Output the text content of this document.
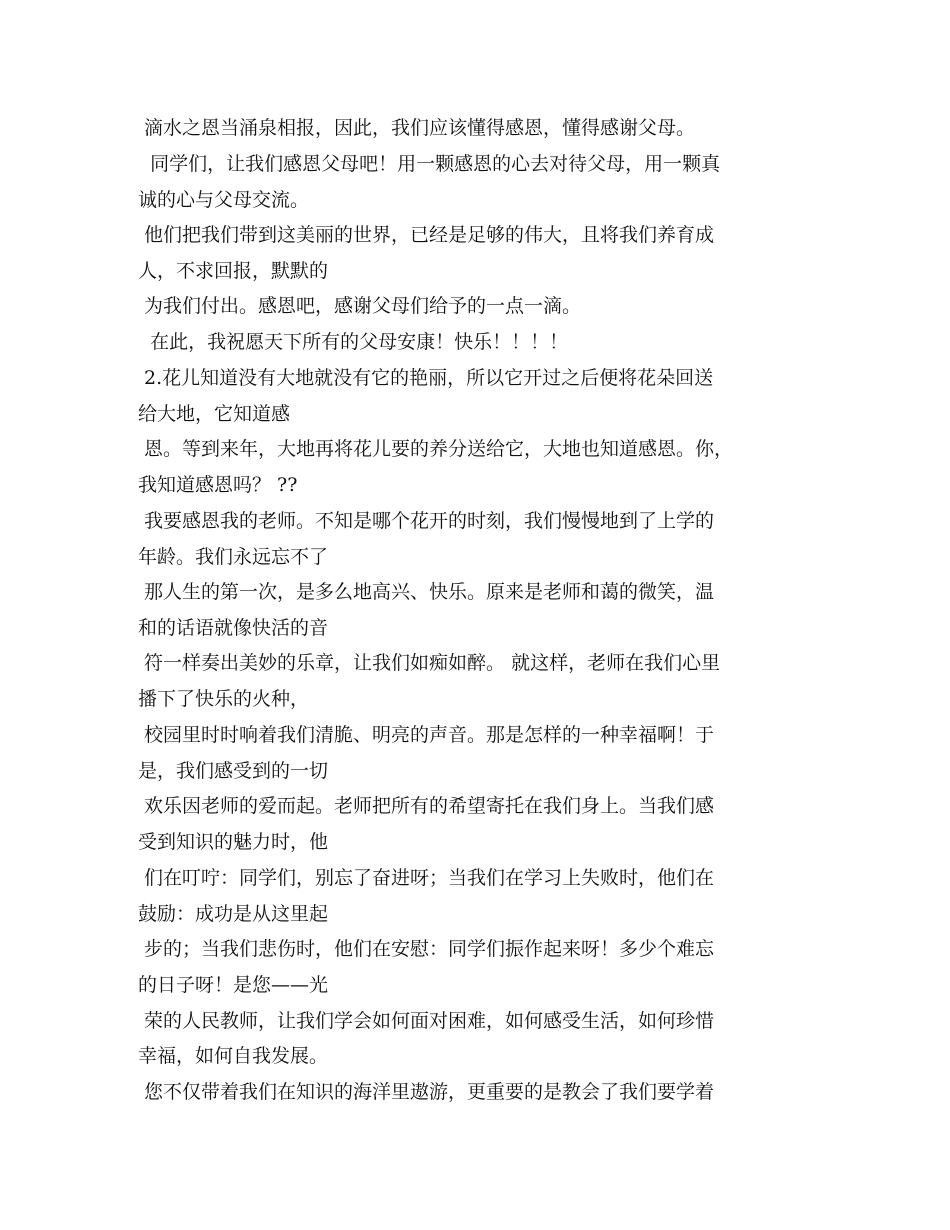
滴水之恩当涌泉相报，因此，我们应该懂得感恩，懂得感谢父母。

同学们，让我们感恩父母吧！用一颗感恩的心去对待父母，用一颗真

诚的心与父母交流。

他们把我们带到这美丽的世界，已经是足够的伟大，且将我们养育成

人，不求回报，默默的

为我们付出。感恩吧，感谢父母们给予的一点一滴。

在此，我祝愿天下所有的父母安康！快乐！！！！

2.花儿知道没有大地就没有它的艳丽，所以它开过之后便将花朵回送

给大地，它知道感

恩。等到来年，大地再将花儿要的养分送给它，大地也知道感恩。你，

我知道感恩吗？ ??

我要感恩我的老师。不知是哪个花开的时刻，我们慢慢地到了上学的

年龄。我们永远忘不了

那人生的第一次，是多么地高兴、快乐。原来是老师和蔼的微笑，温

和的话语就像快活的音

符一样奏出美妙的乐章，让我们如痴如醉。 就这样，老师在我们心里

播下了快乐的火种，

校园里时时响着我们清脆、明亮的声音。那是怎样的一种幸福啊！于

是，我们感受到的一切

欢乐因老师的爱而起。老师把所有的希望寄托在我们身上。当我们感

受到知识的魅力时，他

们在叮咛：同学们，别忘了奋进呀；当我们在学习上失败时，他们在

鼓励：成功是从这里起

步的；当我们悲伤时，他们在安慰：同学们振作起来呀！多少个难忘

的日子呀！是您——光

荣的人民教师，让我们学会如何面对困难，如何感受生活，如何珍惜

幸福，如何自我发展。

您不仅带着我们在知识的海洋里遨游，更重要的是教会了我们要学着
